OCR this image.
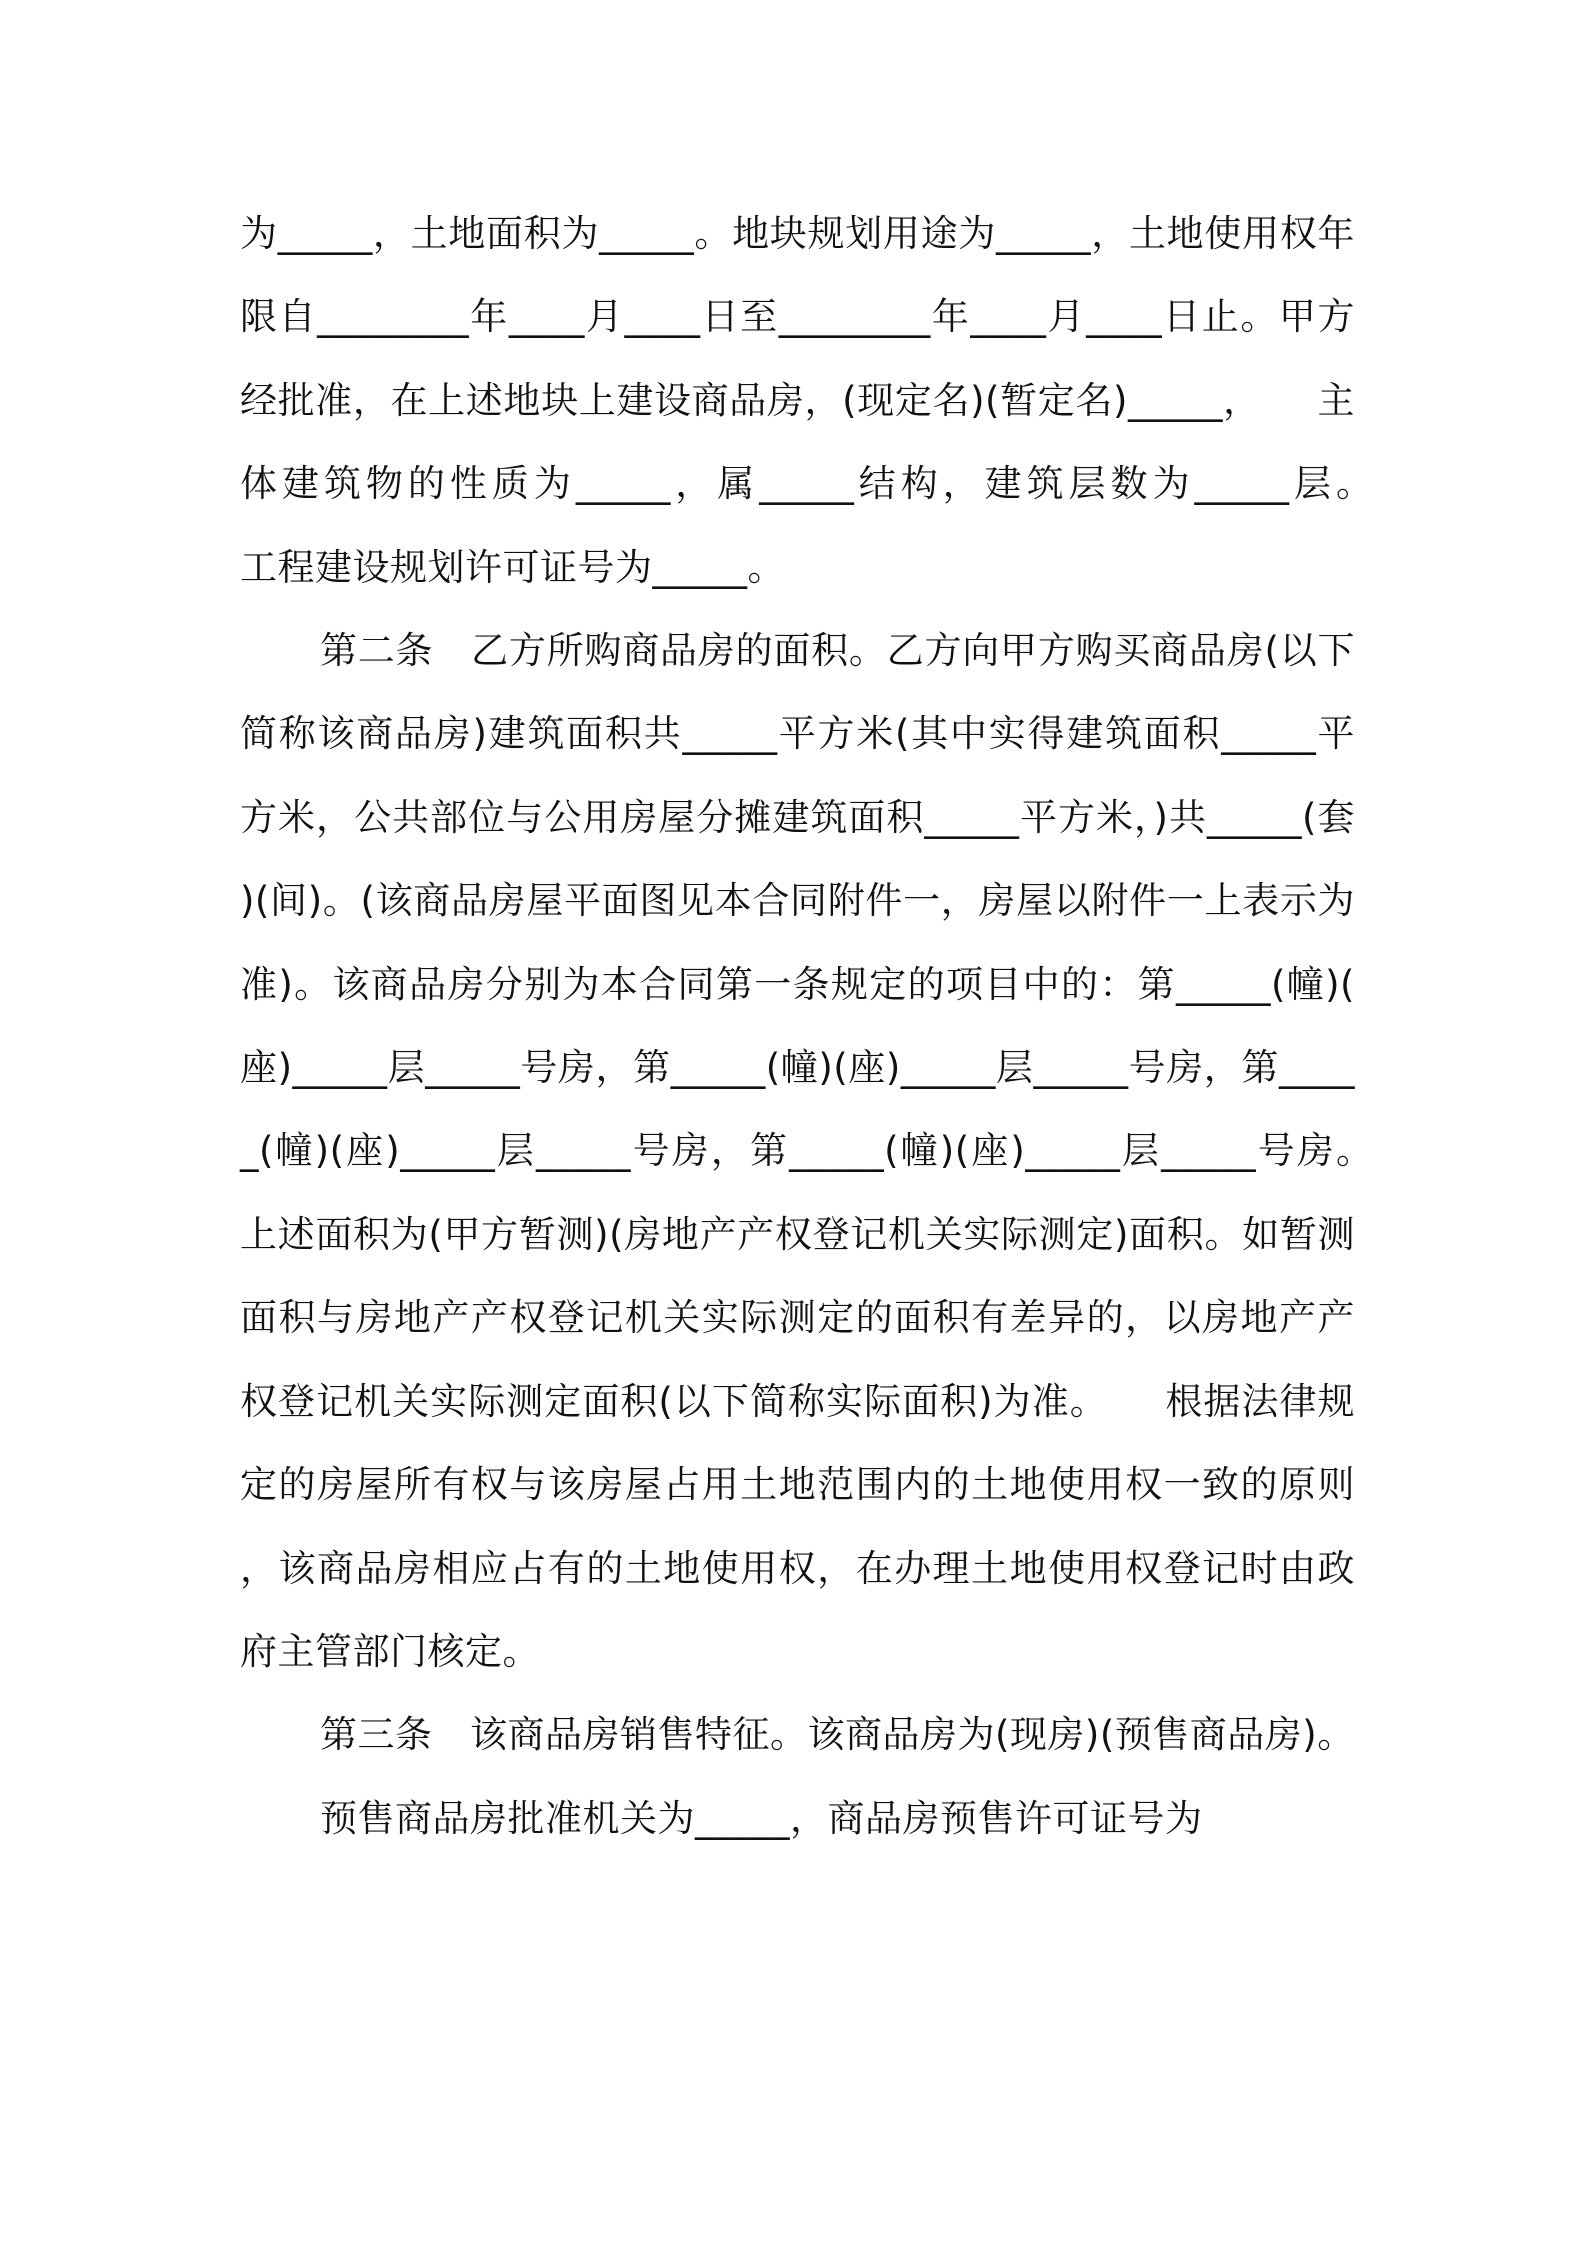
为_____，土地面积为_____。地块规划用途为_____，土地使用权年限自________年____月____日至________年____月____日止。甲方经批准，在上述地块上建设商品房，(现定名)(暂定名)_____，　　主体建筑物的性质为_____，属_____结构，建筑层数为_____层。　　工程建设规划许可证号为_____。

第二条　乙方所购商品房的面积。乙方向甲方购买商品房(以下简称该商品房)建筑面积共_____平方米(其中实得建筑面积_____平方米，公共部位与公用房屋分摊建筑面积_____平方米，)共_____(套)(间)。(该商品房屋平面图见本合同附件一，房屋以附件一上表示为准)。该商品房分别为本合同第一条规定的项目中的：第_____(幢)(座)_____层_____号房，第_____(幢)(座)_____层_____号房，第_____(幢)(座)_____层_____号房，第_____(幢)(座)_____层_____号房。　　上述面积为(甲方暂测)(房地产产权登记机关实际测定)面积。如暂测面积与房地产产权登记机关实际测定的面积有差异的，以房地产产权登记机关实际测定面积(以下简称实际面积)为准。　　根据法律规定的房屋所有权与该房屋占用土地范围内的土地使用权一致的原则，该商品房相应占有的土地使用权，在办理土地使用权登记时由政府主管部门核定。

第三条　该商品房销售特征。该商品房为(现房)(预售商品房)。

预售商品房批准机关为_____，商品房预售许可证号为
